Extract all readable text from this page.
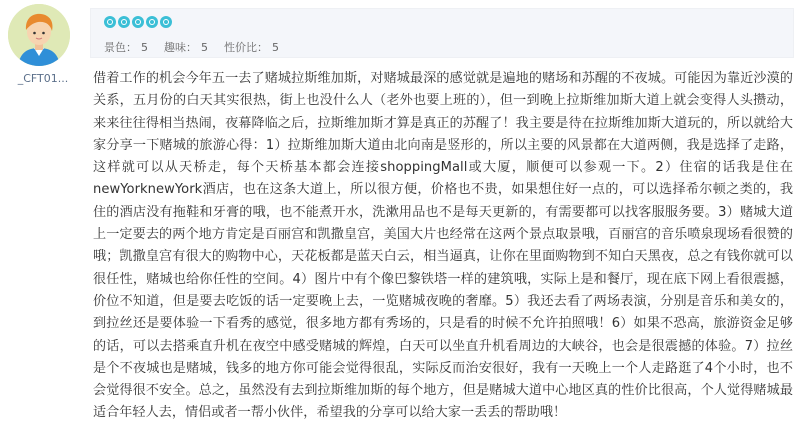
_CFT01...
景色： 5 趣味： 5 性价比： 5
借着工作的机会今年五一去了赌城拉斯维加斯，对赌城最深的感觉就是遍地的赌场和苏醒的不夜城。可能因为靠近沙漠的关系，五月份的白天其实很热，街上也没什么人（老外也要上班的），但一到晚上拉斯维加斯大道上就会变得人头攒动，来来往往得相当热闹，夜幕降临之后，拉斯维加斯才算是真正的苏醒了！我主要是待在拉斯维加斯大道玩的，所以就给大家分享一下赌城的旅游心得：1）拉斯维加斯大道由北向南是竖形的，所以主要的风景都在大道两侧，我是选择了走路，这样就可以从天桥走，每个天桥基本都会连接shoppingMall或大厦，顺便可以参观一下。2）住宿的话我是住在newYorknewYork酒店，也在这条大道上，所以很方便，价格也不贵，如果想住好一点的，可以选择希尔顿之类的，我住的酒店没有拖鞋和牙膏的哦，也不能煮开水，洗漱用品也不是每天更新的，有需要都可以找客服服务要。3）赌城大道上一定要去的两个地方肯定是百丽宫和凯撒皇宫，美国大片也经常在这两个景点取景哦，百丽宫的音乐喷泉现场看很赞的哦；凯撒皇宫有很大的购物中心，天花板都是蓝天白云，相当逼真，让你在里面购物到不知白天黑夜，总之有钱你就可以很任性，赌城也给你任性的空间。4）图片中有个像巴黎铁塔一样的建筑哦，实际上是和餐厅，现在底下网上看很震撼，价位不知道，但是要去吃饭的话一定要晚上去，一览赌城夜晚的奢靡。5）我还去看了两场表演，分别是音乐和美女的，到拉丝还是要体验一下看秀的感觉，很多地方都有秀场的，只是看的时候不允许拍照哦！6）如果不恐高，旅游资金足够的话，可以去搭乘直升机在夜空中感受赌城的辉煌，白天可以坐直升机看周边的大峡谷，也会是很震撼的体验。7）拉丝是个不夜城也是赌城，钱多的地方你可能会觉得很乱，实际反而治安很好，我有一天晚上一个人走路逛了4个小时，也不会觉得很不安全。总之，虽然没有去到拉斯维加斯的每个地方，但是赌城大道中心地区真的性价比很高，个人觉得赌城最适合年轻人去，情侣或者一帮小伙伴，希望我的分享可以给大家一丢丢的帮助哦！
